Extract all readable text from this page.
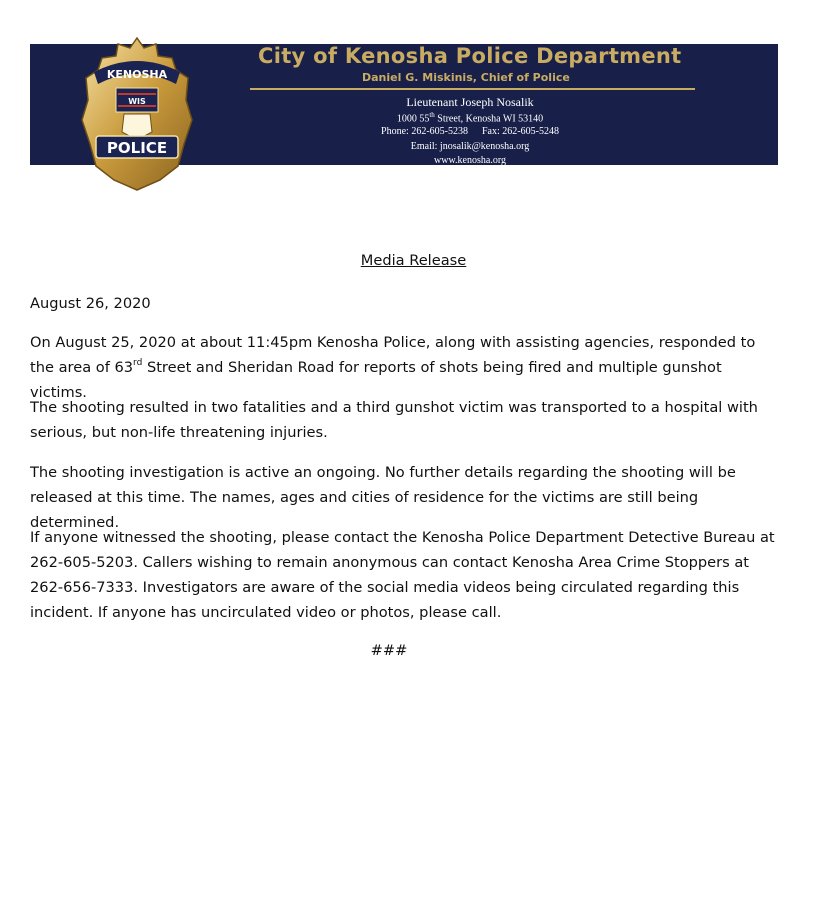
KENOSHA
WIS
POLICE
City of Kenosha Police Department
Daniel G. Miskinis, Chief of Police
Lieutenant Joseph Nosalik
1000 55th Street, Kenosha WI 53140
Phone: 262-605-5238 Fax: 262-605-5248
Email: jnosalik@kenosha.org
www.kenosha.org
Media Release
August 26, 2020

On August 25, 2020 at about 11:45pm Kenosha Police, along with assisting agencies, responded to the area of 63rd Street and Sheridan Road for reports of shots being fired and multiple gunshot victims.

The shooting resulted in two fatalities and a third gunshot victim was transported to a hospital with serious, but non-life threatening injuries.

The shooting investigation is active an ongoing. No further details regarding the shooting will be released at this time. The names, ages and cities of residence for the victims are still being determined.

If anyone witnessed the shooting, please contact the Kenosha Police Department Detective Bureau at 262-605-5203. Callers wishing to remain anonymous can contact Kenosha Area Crime Stoppers at 262-656-7333. Investigators are aware of the social media videos being circulated regarding this incident. If anyone has uncirculated video or photos, please call.

###
